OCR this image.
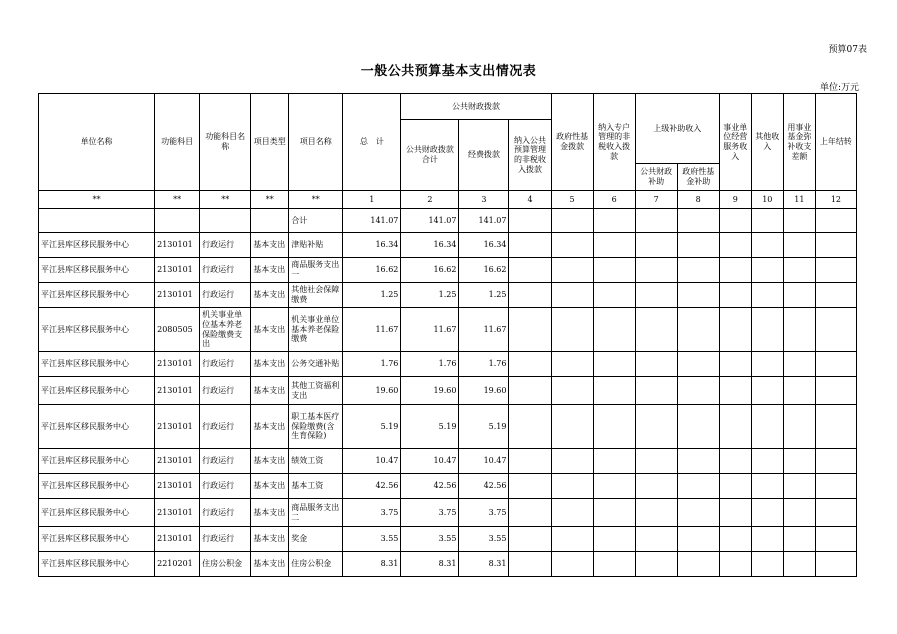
预算07表
一般公共预算基本支出情况表
单位:万元
单位名称	功能科目	功能科目名称	项目类型	项目名称	总　计	公共财政拨款			政府性基金拨款	纳入专户管理的非税收入拨款	上级补助收入		事业单位经营服务收入	其他收入	用事业基金弥补收支差额	上年结转
						公共财政拨款合计	经费拨款	纳入公共预算管理的非税收入拨款								
											公共财政补助	政府性基金补助				
**	**	**	**	**	1	2	3	4	5	6	7	8	9	10	11	12
				合计	141.07	141.07	141.07									
平江县库区移民服务中心	2130101	行政运行	基本支出	津贴补贴	16.34	16.34	16.34									
平江县库区移民服务中心	2130101	行政运行	基本支出	商品服务支出一	16.62	16.62	16.62									
平江县库区移民服务中心	2130101	行政运行	基本支出	其他社会保障缴费	1.25	1.25	1.25									
平江县库区移民服务中心	2080505	机关事业单位基本养老保险缴费支出	基本支出	机关事业单位基本养老保险缴费	11.67	11.67	11.67									
平江县库区移民服务中心	2130101	行政运行	基本支出	公务交通补贴	1.76	1.76	1.76									
平江县库区移民服务中心	2130101	行政运行	基本支出	其他工资福利支出	19.60	19.60	19.60									
平江县库区移民服务中心	2130101	行政运行	基本支出	职工基本医疗保险缴费(含生育保险)	5.19	5.19	5.19									
平江县库区移民服务中心	2130101	行政运行	基本支出	绩效工资	10.47	10.47	10.47									
平江县库区移民服务中心	2130101	行政运行	基本支出	基本工资	42.56	42.56	42.56									
平江县库区移民服务中心	2130101	行政运行	基本支出	商品服务支出二	3.75	3.75	3.75									
平江县库区移民服务中心	2130101	行政运行	基本支出	奖金	3.55	3.55	3.55									
平江县库区移民服务中心	2210201	住房公积金	基本支出	住房公积金	8.31	8.31	8.31									
